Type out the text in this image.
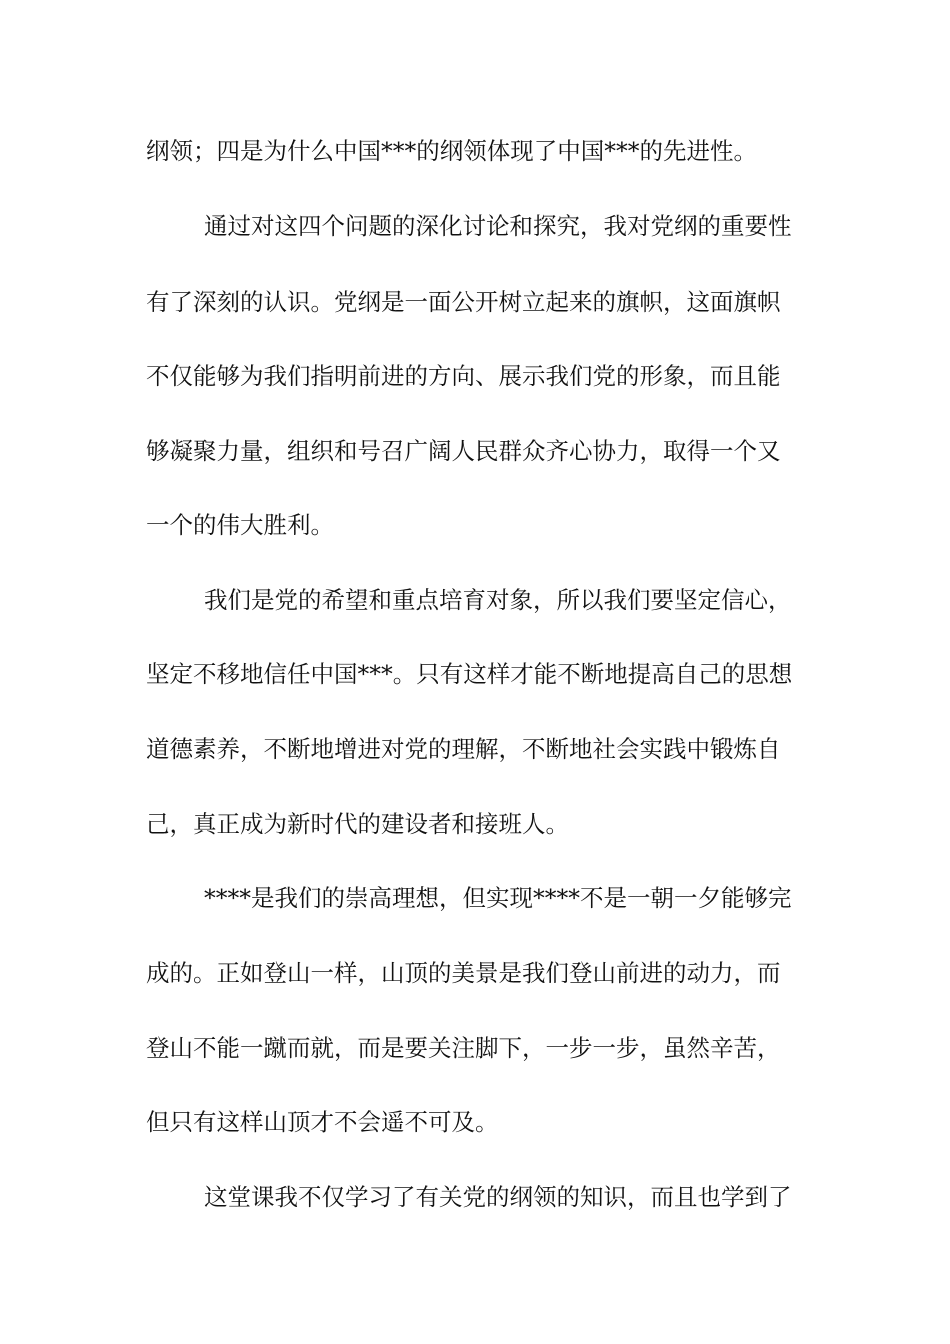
纲领；四是为什么中国***的纲领体现了中国***的先进性。
通过对这四个问题的深化讨论和探究，我对党纲的重要性
有了深刻的认识。党纲是一面公开树立起来的旗帜，这面旗帜
不仅能够为我们指明前进的方向、展示我们党的形象，而且能
够凝聚力量，组织和号召广阔人民群众齐心协力，取得一个又
一个的伟大胜利。
我们是党的希望和重点培育对象，所以我们要坚定信心，
坚定不移地信任中国***。只有这样才能不断地提高自己的思想
道德素养，不断地增进对党的理解，不断地社会实践中锻炼自
己，真正成为新时代的建设者和接班人。
****是我们的崇高理想，但实现****不是一朝一夕能够完
成的。正如登山一样，山顶的美景是我们登山前进的动力，而
登山不能一蹴而就，而是要关注脚下，一步一步，虽然辛苦，
但只有这样山顶才不会遥不可及。
这堂课我不仅学习了有关党的纲领的知识，而且也学到了
